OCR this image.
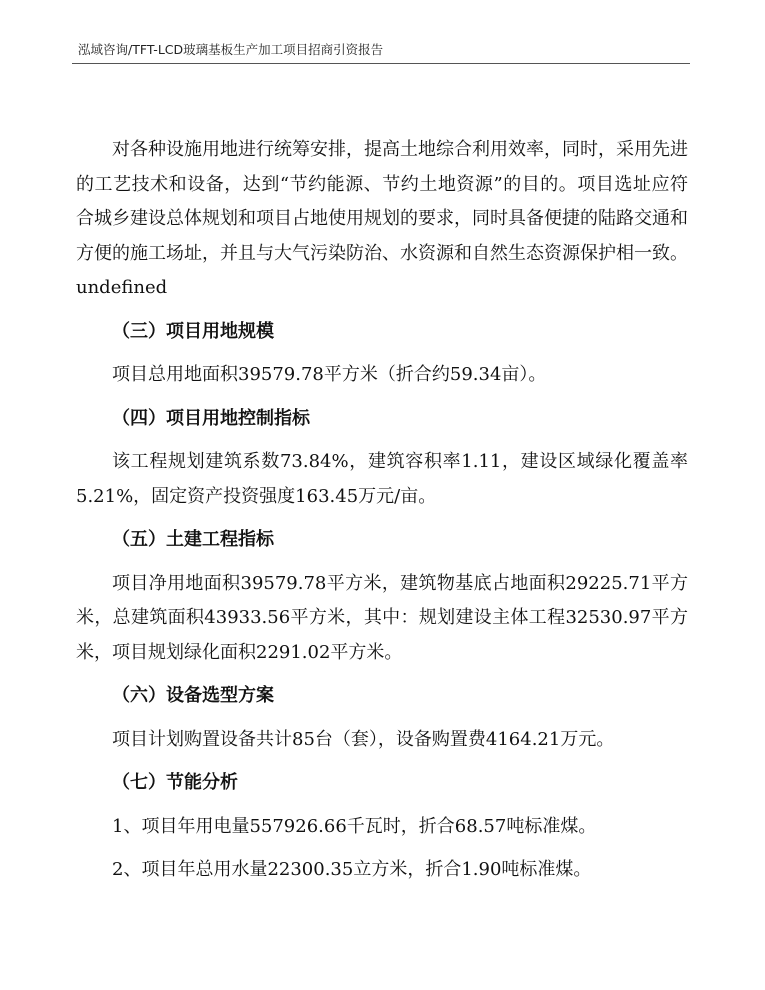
泓域咨询/TFT-LCD玻璃基板生产加工项目招商引资报告

对各种设施用地进行统筹安排，提高土地综合利用效率，同时，采用先进的工艺技术和设备，达到“节约能源、节约土地资源”的目的。项目选址应符合城乡建设总体规划和项目占地使用规划的要求，同时具备便捷的陆路交通和方便的施工场址，并且与大气污染防治、水资源和自然生态资源保护相一致。undefined

（三）项目用地规模

项目总用地面积39579.78平方米（折合约59.34亩）。

（四）项目用地控制指标

该工程规划建筑系数73.84%，建筑容积率1.11，建设区域绿化覆盖率5.21%，固定资产投资强度163.45万元/亩。

（五）土建工程指标

项目净用地面积39579.78平方米，建筑物基底占地面积29225.71平方米，总建筑面积43933.56平方米，其中：规划建设主体工程32530.97平方米，项目规划绿化面积2291.02平方米。

（六）设备选型方案

项目计划购置设备共计85台（套），设备购置费4164.21万元。

（七）节能分析

1、项目年用电量557926.66千瓦时，折合68.57吨标准煤。

2、项目年总用水量22300.35立方米，折合1.90吨标准煤。
